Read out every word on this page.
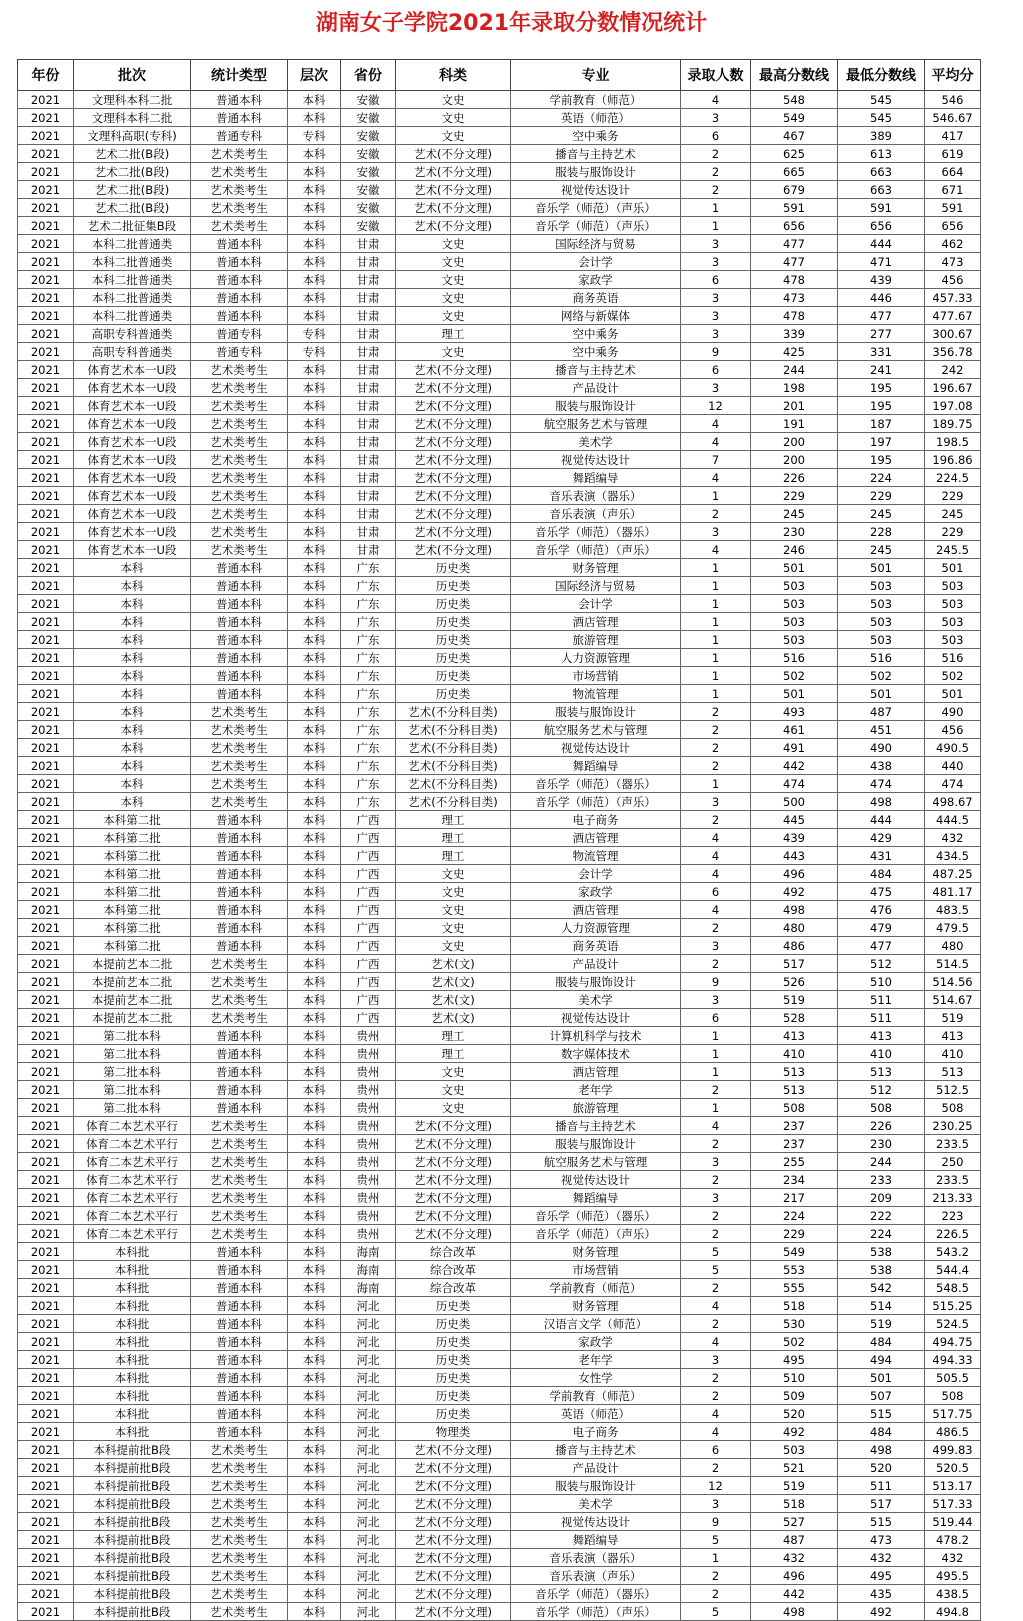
湖南女子学院2021年录取分数情况统计
年份	批次	统计类型	层次	省份	科类	专业	录取人数	最高分数线	最低分数线	平均分
2021	文理科本科二批	普通本科	本科	安徽	文史	学前教育（师范）	4	548	545	546
2021	文理科本科二批	普通本科	本科	安徽	文史	英语（师范）	3	549	545	546.67
2021	文理科高职(专科)	普通专科	专科	安徽	文史	空中乘务	6	467	389	417
2021	艺术二批(B段)	艺术类考生	本科	安徽	艺术(不分文理)	播音与主持艺术	2	625	613	619
2021	艺术二批(B段)	艺术类考生	本科	安徽	艺术(不分文理)	服装与服饰设计	2	665	663	664
2021	艺术二批(B段)	艺术类考生	本科	安徽	艺术(不分文理)	视觉传达设计	2	679	663	671
2021	艺术二批(B段)	艺术类考生	本科	安徽	艺术(不分文理)	音乐学（师范）（声乐）	1	591	591	591
2021	艺术二批征集B段	艺术类考生	本科	安徽	艺术(不分文理)	音乐学（师范）（声乐）	1	656	656	656
2021	本科二批普通类	普通本科	本科	甘肃	文史	国际经济与贸易	3	477	444	462
2021	本科二批普通类	普通本科	本科	甘肃	文史	会计学	3	477	471	473
2021	本科二批普通类	普通本科	本科	甘肃	文史	家政学	6	478	439	456
2021	本科二批普通类	普通本科	本科	甘肃	文史	商务英语	3	473	446	457.33
2021	本科二批普通类	普通本科	本科	甘肃	文史	网络与新媒体	3	478	477	477.67
2021	高职专科普通类	普通专科	专科	甘肃	理工	空中乘务	3	339	277	300.67
2021	高职专科普通类	普通专科	专科	甘肃	文史	空中乘务	9	425	331	356.78
2021	体育艺术本一U段	艺术类考生	本科	甘肃	艺术(不分文理)	播音与主持艺术	6	244	241	242
2021	体育艺术本一U段	艺术类考生	本科	甘肃	艺术(不分文理)	产品设计	3	198	195	196.67
2021	体育艺术本一U段	艺术类考生	本科	甘肃	艺术(不分文理)	服装与服饰设计	12	201	195	197.08
2021	体育艺术本一U段	艺术类考生	本科	甘肃	艺术(不分文理)	航空服务艺术与管理	4	191	187	189.75
2021	体育艺术本一U段	艺术类考生	本科	甘肃	艺术(不分文理)	美术学	4	200	197	198.5
2021	体育艺术本一U段	艺术类考生	本科	甘肃	艺术(不分文理)	视觉传达设计	7	200	195	196.86
2021	体育艺术本一U段	艺术类考生	本科	甘肃	艺术(不分文理)	舞蹈编导	4	226	224	224.5
2021	体育艺术本一U段	艺术类考生	本科	甘肃	艺术(不分文理)	音乐表演（器乐）	1	229	229	229
2021	体育艺术本一U段	艺术类考生	本科	甘肃	艺术(不分文理)	音乐表演（声乐）	2	245	245	245
2021	体育艺术本一U段	艺术类考生	本科	甘肃	艺术(不分文理)	音乐学（师范）（器乐）	3	230	228	229
2021	体育艺术本一U段	艺术类考生	本科	甘肃	艺术(不分文理)	音乐学（师范）（声乐）	4	246	245	245.5
2021	本科	普通本科	本科	广东	历史类	财务管理	1	501	501	501
2021	本科	普通本科	本科	广东	历史类	国际经济与贸易	1	503	503	503
2021	本科	普通本科	本科	广东	历史类	会计学	1	503	503	503
2021	本科	普通本科	本科	广东	历史类	酒店管理	1	503	503	503
2021	本科	普通本科	本科	广东	历史类	旅游管理	1	503	503	503
2021	本科	普通本科	本科	广东	历史类	人力资源管理	1	516	516	516
2021	本科	普通本科	本科	广东	历史类	市场营销	1	502	502	502
2021	本科	普通本科	本科	广东	历史类	物流管理	1	501	501	501
2021	本科	艺术类考生	本科	广东	艺术(不分科目类)	服装与服饰设计	2	493	487	490
2021	本科	艺术类考生	本科	广东	艺术(不分科目类)	航空服务艺术与管理	2	461	451	456
2021	本科	艺术类考生	本科	广东	艺术(不分科目类)	视觉传达设计	2	491	490	490.5
2021	本科	艺术类考生	本科	广东	艺术(不分科目类)	舞蹈编导	2	442	438	440
2021	本科	艺术类考生	本科	广东	艺术(不分科目类)	音乐学（师范）（器乐）	1	474	474	474
2021	本科	艺术类考生	本科	广东	艺术(不分科目类)	音乐学（师范）（声乐）	3	500	498	498.67
2021	本科第二批	普通本科	本科	广西	理工	电子商务	2	445	444	444.5
2021	本科第二批	普通本科	本科	广西	理工	酒店管理	4	439	429	432
2021	本科第二批	普通本科	本科	广西	理工	物流管理	4	443	431	434.5
2021	本科第二批	普通本科	本科	广西	文史	会计学	4	496	484	487.25
2021	本科第二批	普通本科	本科	广西	文史	家政学	6	492	475	481.17
2021	本科第二批	普通本科	本科	广西	文史	酒店管理	4	498	476	483.5
2021	本科第二批	普通本科	本科	广西	文史	人力资源管理	2	480	479	479.5
2021	本科第二批	普通本科	本科	广西	文史	商务英语	3	486	477	480
2021	本提前艺本二批	艺术类考生	本科	广西	艺术(文)	产品设计	2	517	512	514.5
2021	本提前艺本二批	艺术类考生	本科	广西	艺术(文)	服装与服饰设计	9	526	510	514.56
2021	本提前艺本二批	艺术类考生	本科	广西	艺术(文)	美术学	3	519	511	514.67
2021	本提前艺本二批	艺术类考生	本科	广西	艺术(文)	视觉传达设计	6	528	511	519
2021	第二批本科	普通本科	本科	贵州	理工	计算机科学与技术	1	413	413	413
2021	第二批本科	普通本科	本科	贵州	理工	数字媒体技术	1	410	410	410
2021	第二批本科	普通本科	本科	贵州	文史	酒店管理	1	513	513	513
2021	第二批本科	普通本科	本科	贵州	文史	老年学	2	513	512	512.5
2021	第二批本科	普通本科	本科	贵州	文史	旅游管理	1	508	508	508
2021	体育二本艺术平行	艺术类考生	本科	贵州	艺术(不分文理)	播音与主持艺术	4	237	226	230.25
2021	体育二本艺术平行	艺术类考生	本科	贵州	艺术(不分文理)	服装与服饰设计	2	237	230	233.5
2021	体育二本艺术平行	艺术类考生	本科	贵州	艺术(不分文理)	航空服务艺术与管理	3	255	244	250
2021	体育二本艺术平行	艺术类考生	本科	贵州	艺术(不分文理)	视觉传达设计	2	234	233	233.5
2021	体育二本艺术平行	艺术类考生	本科	贵州	艺术(不分文理)	舞蹈编导	3	217	209	213.33
2021	体育二本艺术平行	艺术类考生	本科	贵州	艺术(不分文理)	音乐学（师范）（器乐）	2	224	222	223
2021	体育二本艺术平行	艺术类考生	本科	贵州	艺术(不分文理)	音乐学（师范）（声乐）	2	229	224	226.5
2021	本科批	普通本科	本科	海南	综合改革	财务管理	5	549	538	543.2
2021	本科批	普通本科	本科	海南	综合改革	市场营销	5	553	538	544.4
2021	本科批	普通本科	本科	海南	综合改革	学前教育（师范）	2	555	542	548.5
2021	本科批	普通本科	本科	河北	历史类	财务管理	4	518	514	515.25
2021	本科批	普通本科	本科	河北	历史类	汉语言文学（师范）	2	530	519	524.5
2021	本科批	普通本科	本科	河北	历史类	家政学	4	502	484	494.75
2021	本科批	普通本科	本科	河北	历史类	老年学	3	495	494	494.33
2021	本科批	普通本科	本科	河北	历史类	女性学	2	510	501	505.5
2021	本科批	普通本科	本科	河北	历史类	学前教育（师范）	2	509	507	508
2021	本科批	普通本科	本科	河北	历史类	英语（师范）	4	520	515	517.75
2021	本科批	普通本科	本科	河北	物理类	电子商务	4	492	484	486.5
2021	本科提前批B段	艺术类考生	本科	河北	艺术(不分文理)	播音与主持艺术	6	503	498	499.83
2021	本科提前批B段	艺术类考生	本科	河北	艺术(不分文理)	产品设计	2	521	520	520.5
2021	本科提前批B段	艺术类考生	本科	河北	艺术(不分文理)	服装与服饰设计	12	519	511	513.17
2021	本科提前批B段	艺术类考生	本科	河北	艺术(不分文理)	美术学	3	518	517	517.33
2021	本科提前批B段	艺术类考生	本科	河北	艺术(不分文理)	视觉传达设计	9	527	515	519.44
2021	本科提前批B段	艺术类考生	本科	河北	艺术(不分文理)	舞蹈编导	5	487	473	478.2
2021	本科提前批B段	艺术类考生	本科	河北	艺术(不分文理)	音乐表演（器乐）	1	432	432	432
2021	本科提前批B段	艺术类考生	本科	河北	艺术(不分文理)	音乐表演（声乐）	2	496	495	495.5
2021	本科提前批B段	艺术类考生	本科	河北	艺术(不分文理)	音乐学（师范）（器乐）	2	442	435	438.5
2021	本科提前批B段	艺术类考生	本科	河北	艺术(不分文理)	音乐学（师范）（声乐）	5	498	492	494.8
